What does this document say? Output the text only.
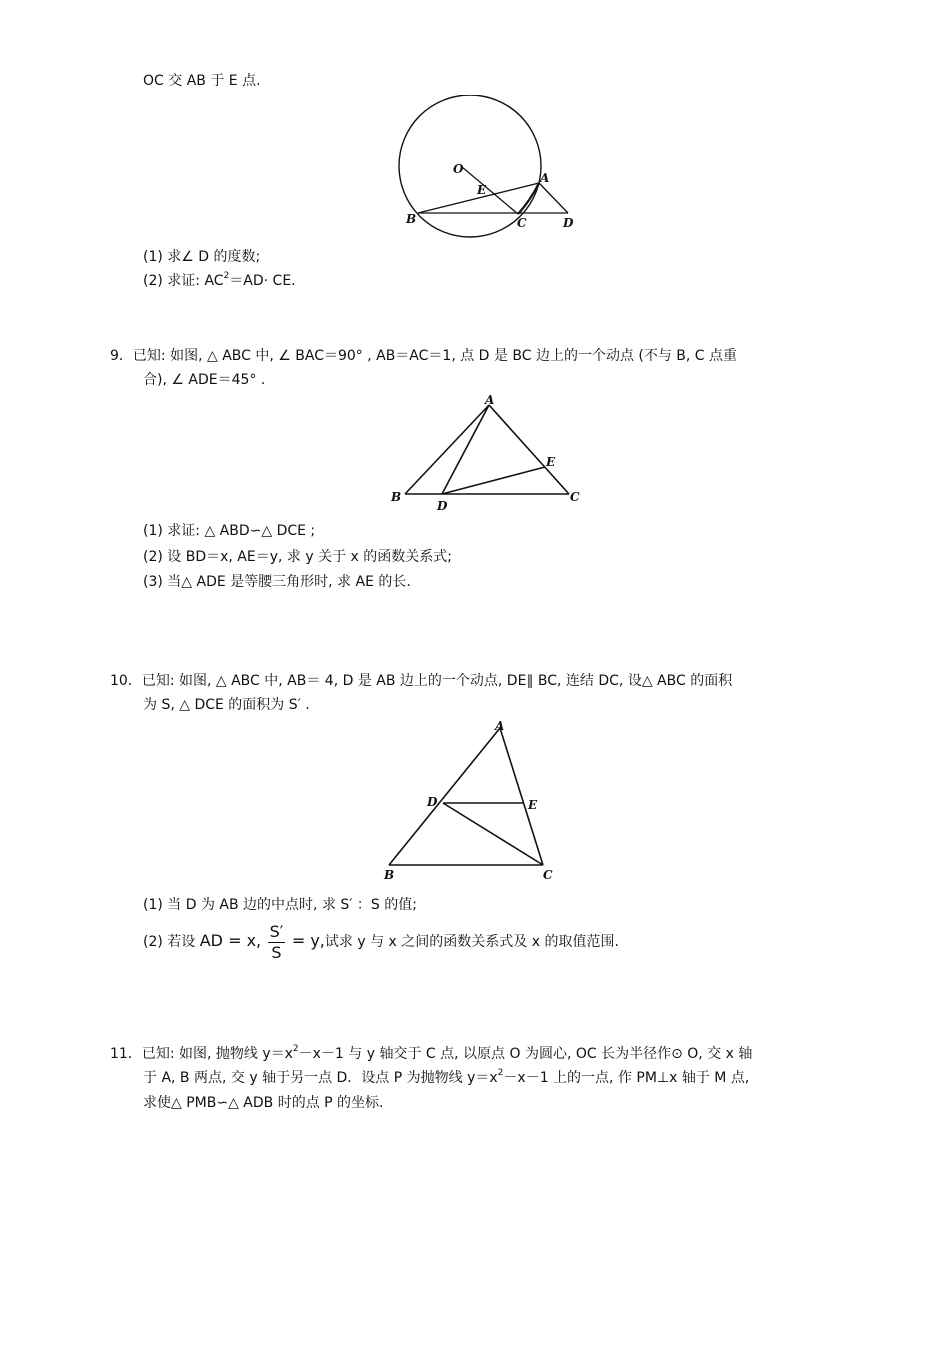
OC 交 AB 于 E 点.
O
E
A
B	C	D
(1) 求∠ D 的度数;
(2) 求证: $AC^2=AD\cdot$ CE.
9．已知: 如图, △ ABC 中, ∠ BAC＝90° , AB＝AC＝1, 点 D 是 BC 边上的一个动点 (不与 B, C 点重
合), ∠ ADE＝45° .
A
B	C
D
E
(1) 求证: △ ABD∽△ DCE ;
(2) 设 BD＝x, AE＝y, 求 y 关于 x 的函数关系式;
(3) 当△ ADE 是等腰三角形时, 求 AE 的长.
10．已知: 如图, △ ABC 中, AB＝ 4, D 是 AB 边上的一个动点, DE∥ BC, 连结 DC, 设△ ABC 的面积
为 S, △ DCE 的面积为 S′ .
A
B	C
D	E
(1) 当 D 为 AB 边的中点时, 求 S′ ：S 的值;
(2) 若设 AD = x, $\frac{S'}{S} = y$,试求 y 与 x 之间的函数关系式及 x 的取值范围.
11．已知: 如图, 抛物线 $y=x^2-x-1$ 与 y 轴交于 C 点, 以原点 O 为圆心, OC 长为半径作⊙ O, 交 x 轴
于 A, B 两点, 交 y 轴于另一点 D．设点 P 为抛物线 $y=x^2-x-1$ 上的一点, 作 PM⊥x 轴于 M 点,
求使△ PMB∽△ ADB 时的点 P 的坐标.
